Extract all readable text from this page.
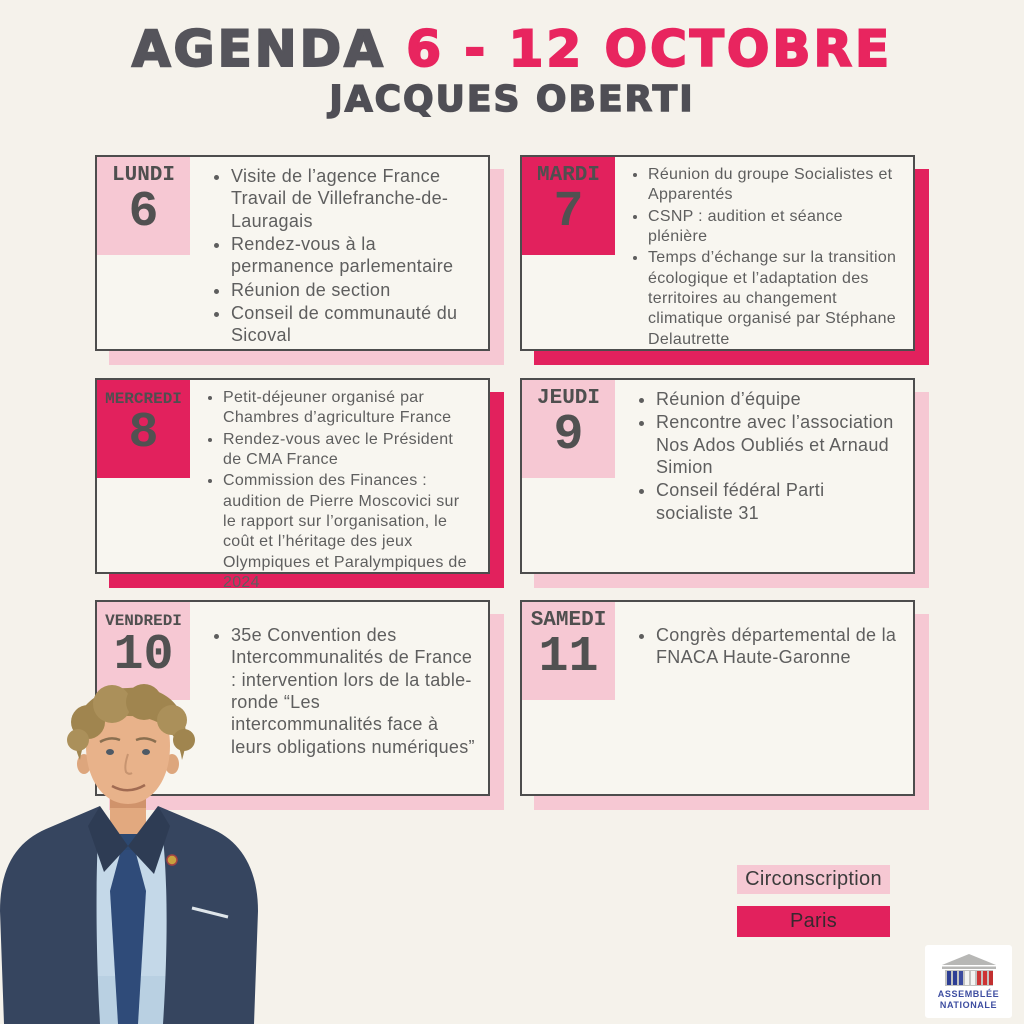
AGENDA 6 - 12 OCTOBRE
JACQUES OBERTI
LUNDI
6
• Visite de l’agence France Travail de Villefranche-de-Lauragais
• Rendez-vous à la permanence parlementaire
• Réunion de section
• Conseil de communauté du Sicoval
MARDI
7
• Réunion du groupe Socialistes et Apparentés
• CSNP : audition et séance plénière
• Temps d’échange sur la transition écologique et l’adaptation des territoires au changement climatique organisé par Stéphane Delautrette
MERCREDI
8
• Petit-déjeuner organisé par Chambres d’agriculture France
• Rendez-vous avec le Président de CMA France
• Commission des Finances : audition de Pierre Moscovici sur le rapport sur l’organisation, le coût et l’héritage des jeux Olympiques et Paralympiques de 2024
JEUDI
9
• Réunion d’équipe
• Rencontre avec l’association Nos Ados Oubliés et Arnaud Simion
• Conseil fédéral Parti socialiste 31
VENDREDI
10	• 35e Convention des Intercommunalités de France : intervention lors de la table-ronde “Les intercommunalités face à leurs obligations numériques”
SAMEDI
11	• Congrès départemental de la FNACA Haute-Garonne
Circonscription
Paris
ASSEMBLÉE
NATIONALE
